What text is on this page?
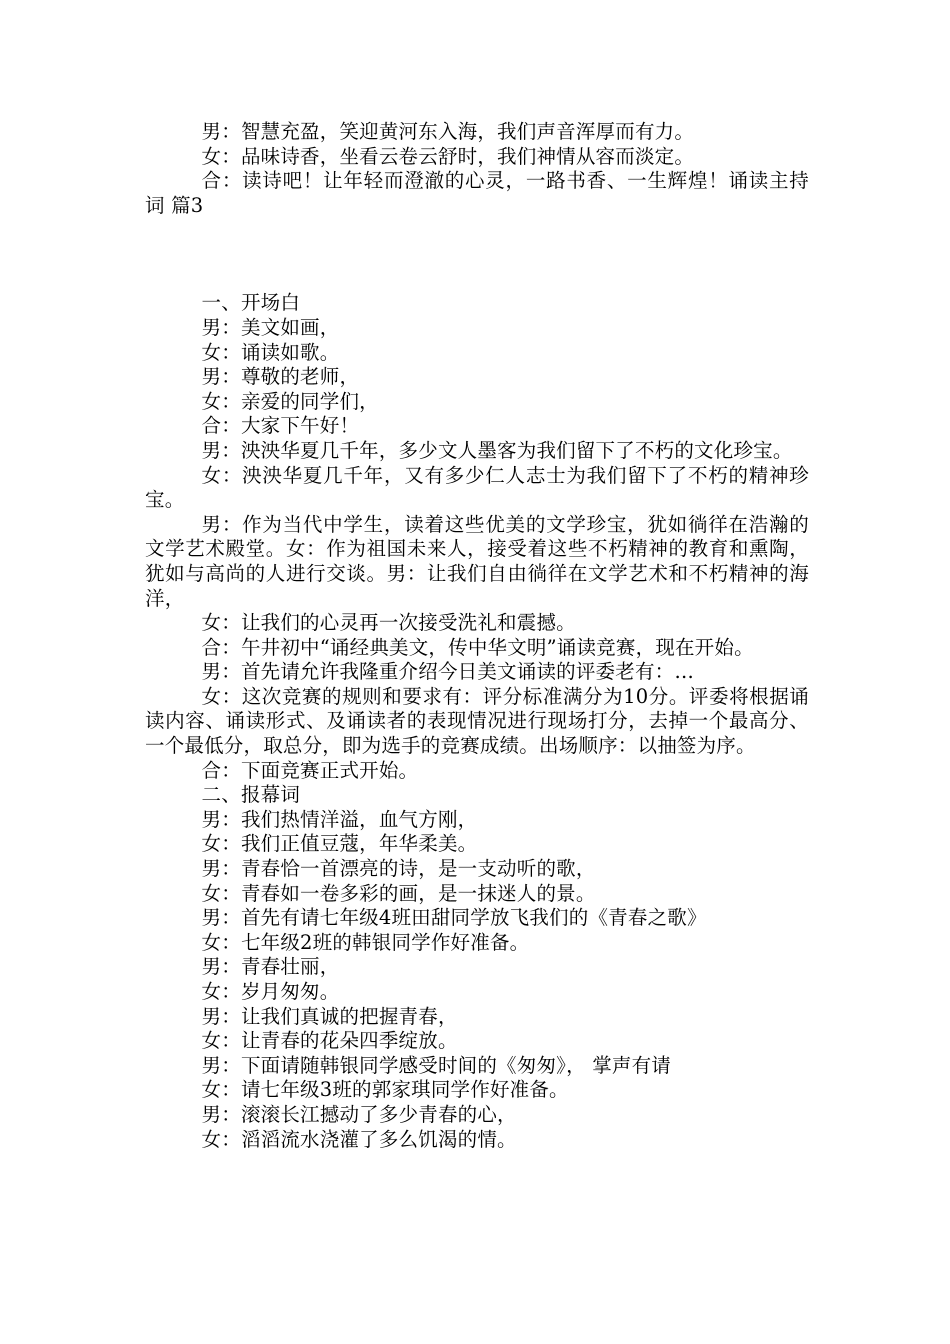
男：智慧充盈，笑迎黄河东入海，我们声音浑厚而有力。

女：品味诗香，坐看云卷云舒时，我们神情从容而淡定。

合：读诗吧！让年轻而澄澈的心灵，一路书香、一生辉煌！诵读主持词 篇3

一、开场白

男：美文如画，

女：诵读如歌。

男：尊敬的老师，

女：亲爱的同学们，

合：大家下午好！

男：泱泱华夏几千年，多少文人墨客为我们留下了不朽的文化珍宝。

女：泱泱华夏几千年，又有多少仁人志士为我们留下了不朽的精神珍宝。

男：作为当代中学生，读着这些优美的文学珍宝，犹如徜徉在浩瀚的文学艺术殿堂。女：作为祖国未来人，接受着这些不朽精神的教育和熏陶，犹如与高尚的人进行交谈。男：让我们自由徜徉在文学艺术和不朽精神的海洋，

女：让我们的心灵再一次接受洗礼和震撼。

合：午井初中“诵经典美文，传中华文明”诵读竞赛，现在开始。

男：首先请允许我隆重介绍今日美文诵读的评委老有：…

女：这次竞赛的规则和要求有：评分标准满分为10分。评委将根据诵读内容、诵读形式、及诵读者的表现情况进行现场打分，去掉一个最高分、一个最低分，取总分，即为选手的竞赛成绩。出场顺序：以抽签为序。

合：下面竞赛正式开始。

二、报幕词

男：我们热情洋溢，血气方刚，

女：我们正值豆蔻，年华柔美。

男：青春恰一首漂亮的诗，是一支动听的歌，

女：青春如一卷多彩的画，是一抹迷人的景。

男：首先有请七年级4班田甜同学放飞我们的《青春之歌》

女：七年级2班的韩银同学作好准备。

男：青春壮丽，

女：岁月匆匆。

男：让我们真诚的把握青春，

女：让青春的花朵四季绽放。

男：下面请随韩银同学感受时间的《匆匆》， 掌声有请

女：请七年级3班的郭家琪同学作好准备。

男：滚滚长江撼动了多少青春的心，

女：滔滔流水浇灌了多么饥渴的情。
